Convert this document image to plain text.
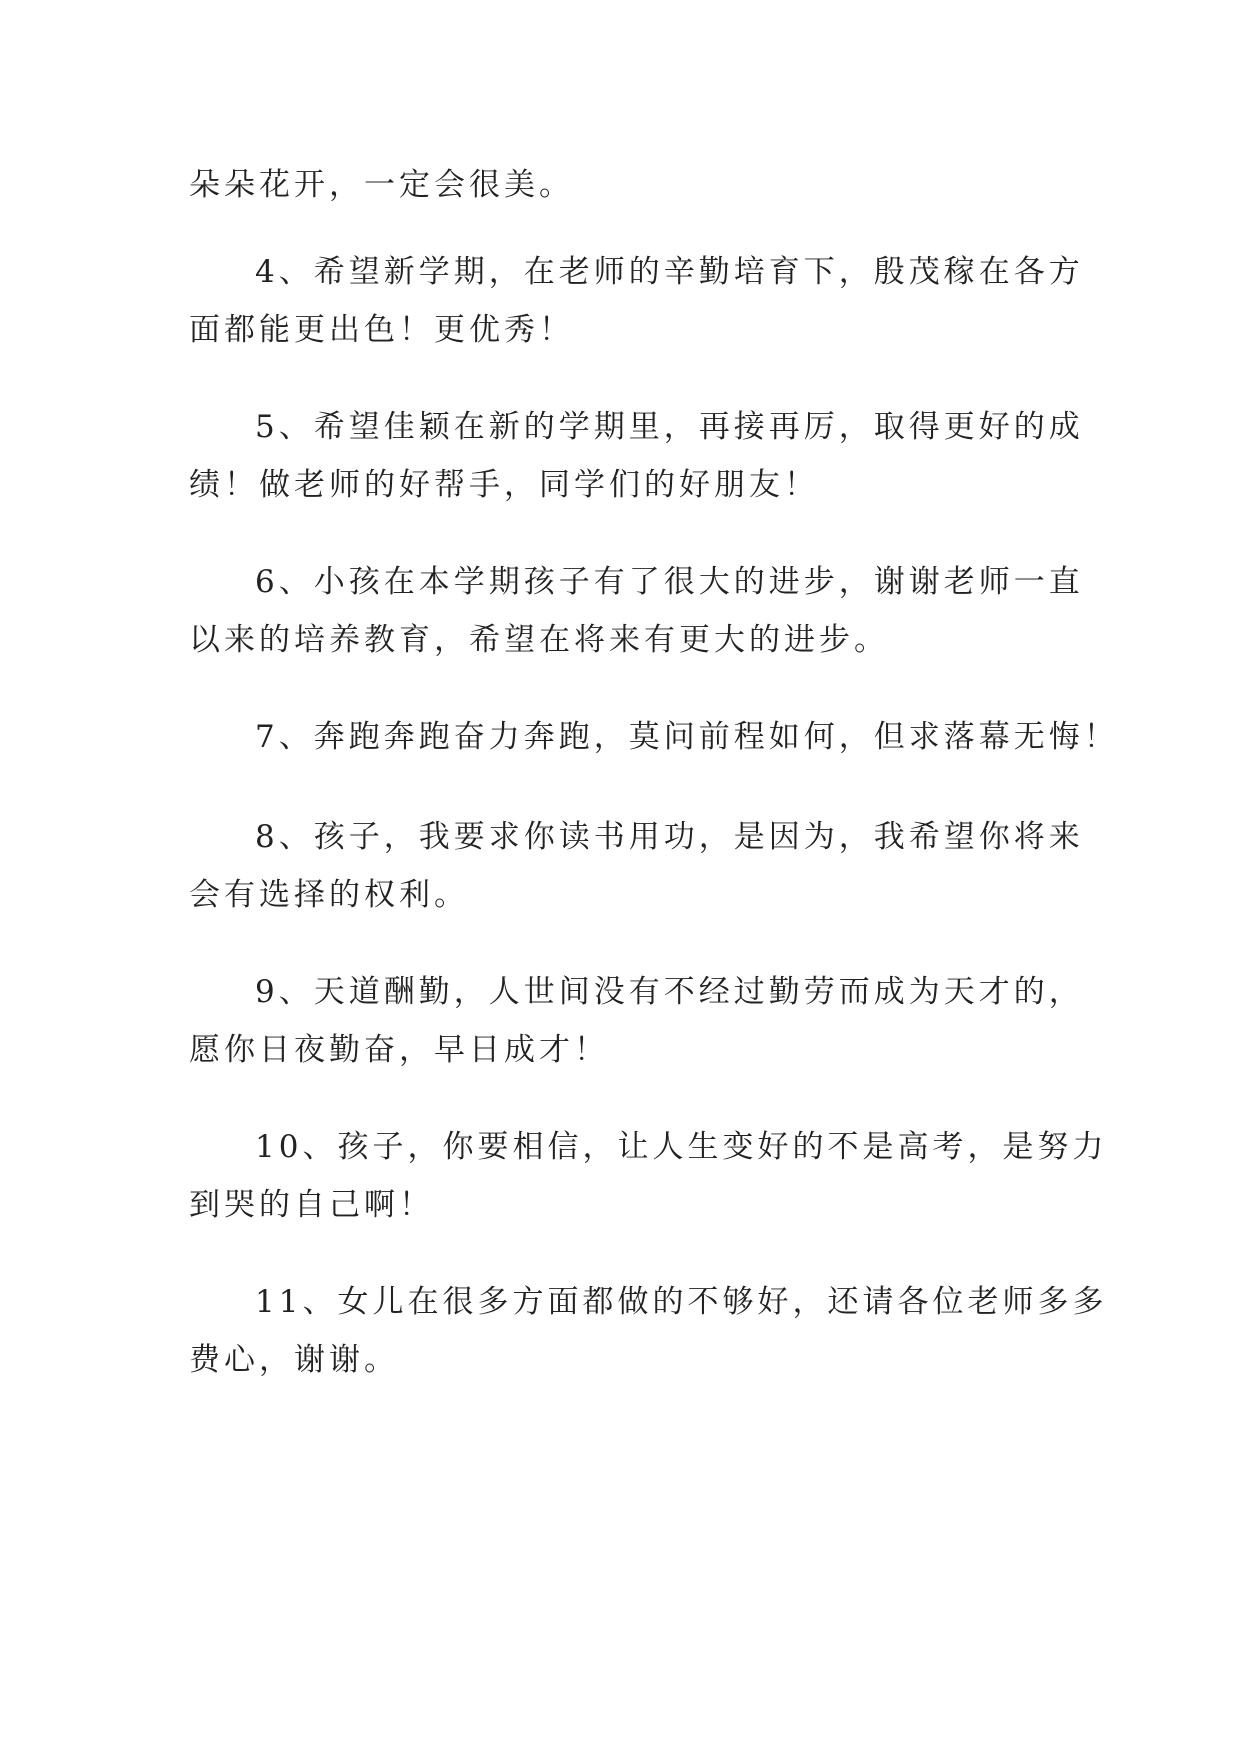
朵朵花开，一定会很美。
4、希望新学期，在老师的辛勤培育下，殷茂稼在各方
面都能更出色！更优秀！
5、希望佳颖在新的学期里，再接再厉，取得更好的成
绩！做老师的好帮手，同学们的好朋友！
6、小孩在本学期孩子有了很大的进步，谢谢老师一直
以来的培养教育，希望在将来有更大的进步。
7、奔跑奔跑奋力奔跑，莫问前程如何，但求落幕无悔！
8、孩子，我要求你读书用功，是因为，我希望你将来
会有选择的权利。
9、天道酬勤，人世间没有不经过勤劳而成为天才的，
愿你日夜勤奋，早日成才！
10、孩子，你要相信，让人生变好的不是高考，是努力
到哭的自己啊！
11、女儿在很多方面都做的不够好，还请各位老师多多
费心，谢谢。
